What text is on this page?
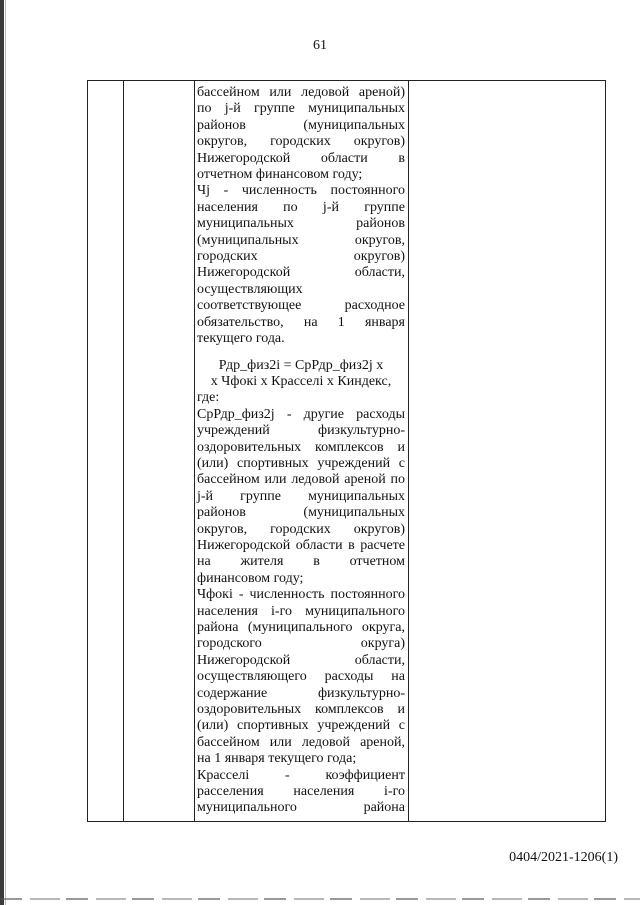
61
бассейном или ледовой ареной)
по j-й группе муниципальных
районов (муниципальных
округов, городских округов)
Нижегородской области в
отчетном финансовом году;
Чj - численность постоянного
населения по j-й группе
муниципальных районов
(муниципальных округов,
городских округов)
Нижегородской области,
осуществляющих
соответствующее расходное
обязательство, на 1 января
текущего года.
Рдр_физ2i = СрРдр_физ2j x
x Чфокi x Красселi x Киндекс,
где:
СрРдр_физ2j - другие расходы
учреждений физкультурно-
оздоровительных комплексов и
(или) спортивных учреждений с
бассейном или ледовой ареной по
j-й группе муниципальных
районов (муниципальных
округов, городских округов)
Нижегородской области в расчете
на жителя в отчетном
финансовом году;
Чфокi - численность постоянного
населения i-го муниципального
района (муниципального округа,
городского округа)
Нижегородской области,
осуществляющего расходы на
содержание физкультурно-
оздоровительных комплексов и
(или) спортивных учреждений с
бассейном или ледовой ареной,
на 1 января текущего года;
Красселi - коэффициент
расселения населения i-го
муниципального района
0404/2021-1206(1)
